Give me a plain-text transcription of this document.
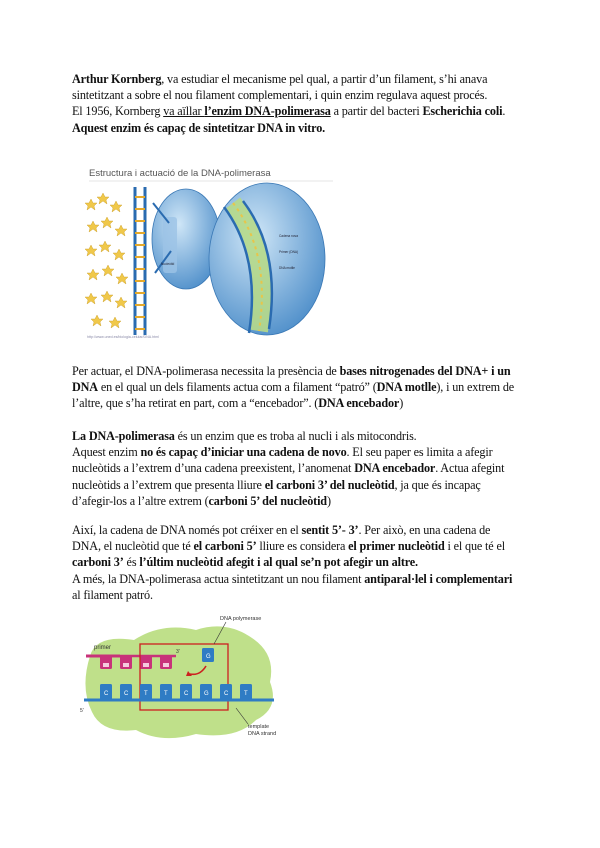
Arthur Kornberg, va estudiar el mecanisme pel qual, a partir d’un filament, s’hi anava
sintetitzant a sobre el nou filament complementari, i quin enzim regulava aquest procés.
El 1956, Kornberg va aïllar l’enzim DNA-polimerasa a partir del bacteri Escherichia coli.
Aquest enzim és capaç de sintetitzar DNA in vitro.
Estructura i actuació de la DNA-polimerasa
Nucleòtid
Cadena nova
Primer (DNA)
DNA motlle
http://www.uned.es/biologia-celular/DNA.html
Per actuar, el DNA-polimerasa necessita la presència de bases nitrogenades del DNA+ i un
DNA en el qual un dels filaments actua com a filament “patró” (DNA motlle), i un extrem de
l’altre, que s’ha retirat en part, com a “encebador”. (DNA encebador)
La DNA-polimerasa és un enzim que es troba al nucli i als mitocondris.
Aquest enzim no és capaç d’iniciar una cadena de novo. El seu paper es limita a afegir
nucleòtids a l’extrem d’una cadena preexistent, l’anomenat DNA encebador. Actua afegint
nucleòtids a l’extrem que presenta lliure el carboni 3’ del nucleòtid, ja que és incapaç
d’afegir-los a l’altre extrem (carboni 5’ del nucleòtid)
Així, la cadena de DNA només pot créixer en el sentit 5’- 3’. Per això, en una cadena de
DNA, el nucleòtid que té el carboni 5’ lliure es considera el primer nucleòtid i el que té el
carboni 3’ és l’últim nucleòtid afegit i al qual se’n pot afegir un altre.
A més, la DNA-polimerasa actua sintetitzant un nou filament antiparal·lel i complementari
al filament patró.
primer
3’
G
DNA polymerase
5’
C	C	T	T	C	G	C	T
template
DNA strand
